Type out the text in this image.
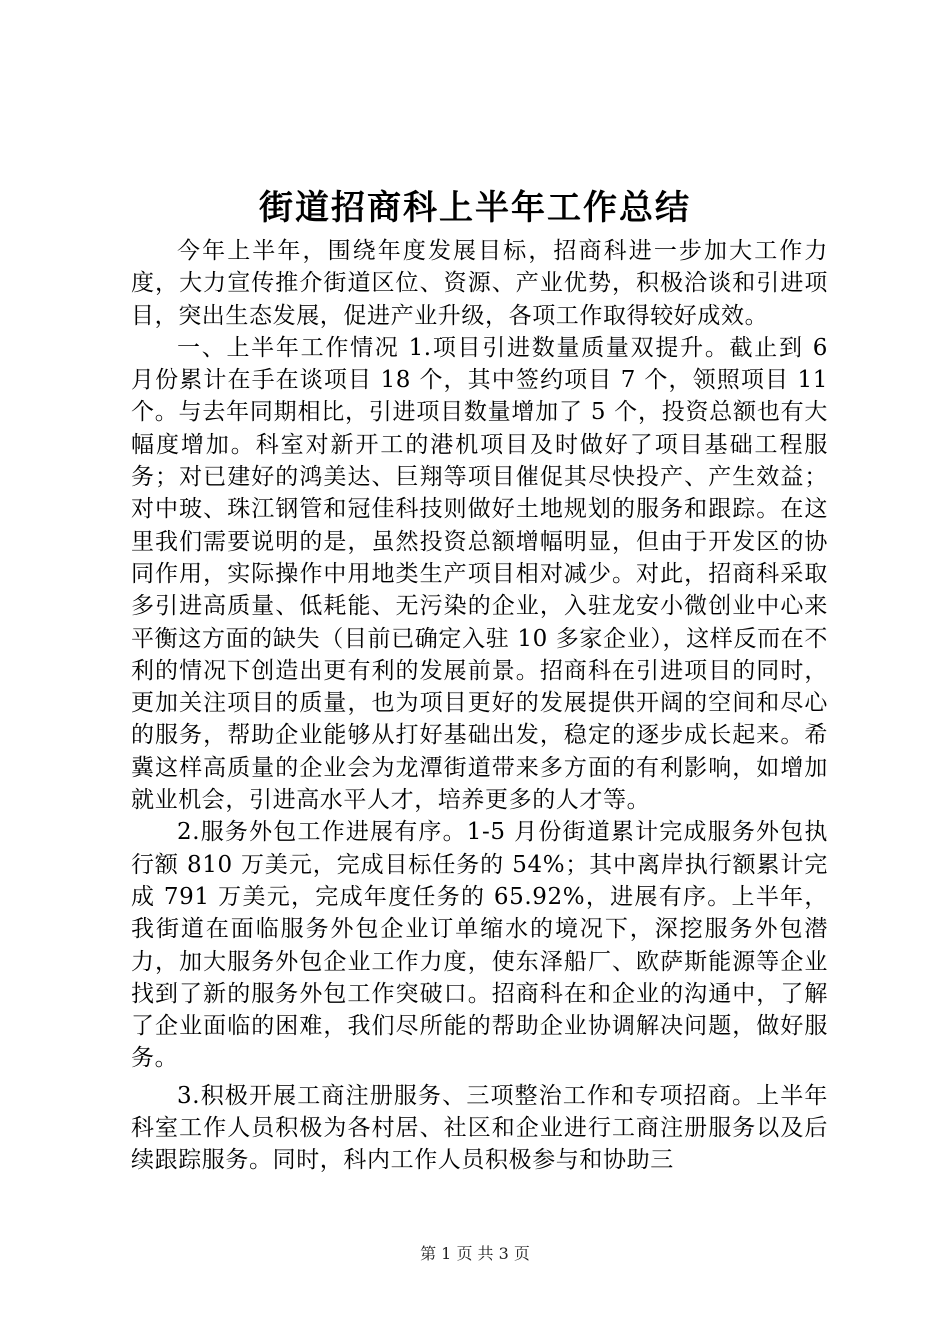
街道招商科上半年工作总结

今年上半年，围绕年度发展目标，招商科进一步加大工作力度，大力宣传推介街道区位、资源、产业优势，积极洽谈和引进项目，突出生态发展，促进产业升级，各项工作取得较好成效。

一、上半年工作情况 1.项目引进数量质量双提升。截止到 6 月份累计在手在谈项目 18 个，其中签约项目 7 个，领照项目 11 个。与去年同期相比，引进项目数量增加了 5 个，投资总额也有大幅度增加。科室对新开工的港机项目及时做好了项目基础工程服务；对已建好的鸿美达、巨翔等项目催促其尽快投产、产生效益；对中玻、珠江钢管和冠佳科技则做好土地规划的服务和跟踪。在这里我们需要说明的是，虽然投资总额增幅明显，但由于开发区的协同作用，实际操作中用地类生产项目相对减少。对此，招商科采取多引进高质量、低耗能、无污染的企业，入驻龙安小微创业中心来平衡这方面的缺失（目前已确定入驻 10 多家企业），这样反而在不利的情况下创造出更有利的发展前景。招商科在引进项目的同时，更加关注项目的质量，也为项目更好的发展提供开阔的空间和尽心的服务，帮助企业能够从打好基础出发，稳定的逐步成长起来。希冀这样高质量的企业会为龙潭街道带来多方面的有利影响，如增加就业机会，引进高水平人才，培养更多的人才等。

2.服务外包工作进展有序。1-5 月份街道累计完成服务外包执行额 810 万美元，完成目标任务的 54%；其中离岸执行额累计完成 791 万美元，完成年度任务的 65.92%，进展有序。上半年，我街道在面临服务外包企业订单缩水的境况下，深挖服务外包潜力，加大服务外包企业工作力度，使东泽船厂、欧萨斯能源等企业找到了新的服务外包工作突破口。招商科在和企业的沟通中，了解了企业面临的困难，我们尽所能的帮助企业协调解决问题，做好服务。

3.积极开展工商注册服务、三项整治工作和专项招商。上半年科室工作人员积极为各村居、社区和企业进行工商注册服务以及后续跟踪服务。同时，科内工作人员积极参与和协助三

第 1 页 共 3 页
